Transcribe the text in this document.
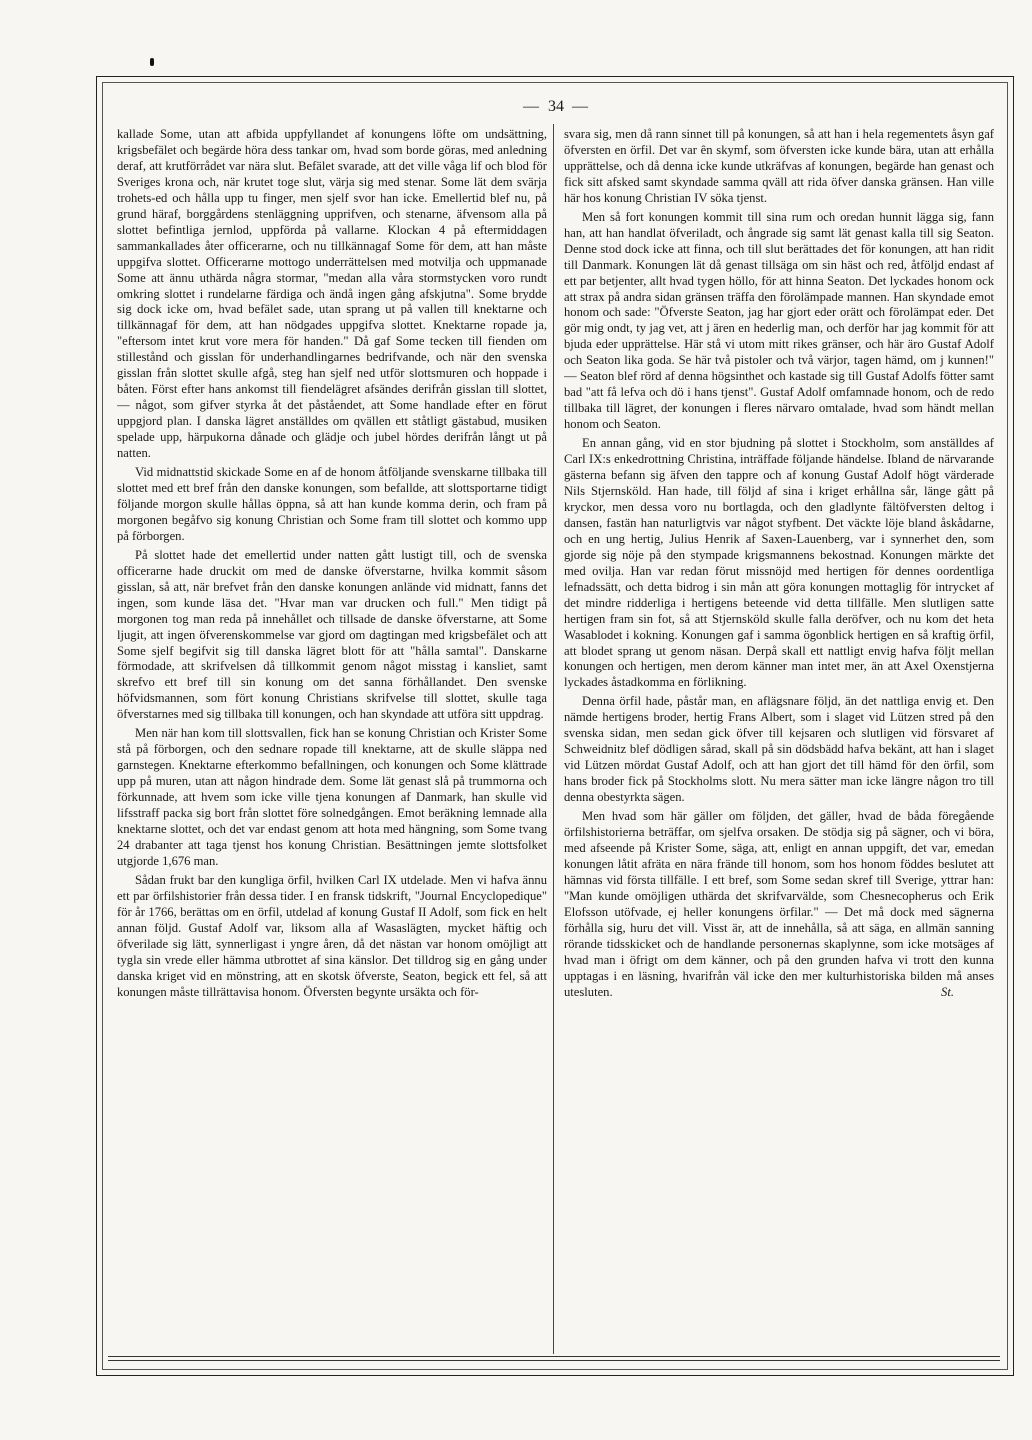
— 34 —

kallade Some, utan att afbida uppfyllandet af konungens löfte om undsättning, krigsbefälet och begärde höra dess tankar om, hvad som borde göras, med anledning deraf, att krutförrådet var nära slut. Befälet svarade, att det ville våga lif och blod för Sveriges krona och, när krutet toge slut, värja sig med stenar. Some lät dem svärja trohets-ed och hålla upp tu finger, men sjelf svor han icke. Emellertid blef nu, på grund häraf, borggårdens stenläggning upprifven, och stenarne, äfvensom alla på slottet befintliga jernlod, uppförda på vallarne. Klockan 4 på eftermiddagen sammankallades åter officerarne, och nu tillkännagaf Some för dem, att han måste uppgifva slottet. Officerarne mottogo underrättelsen med motvilja och uppmanade Some att ännu uthärda några stormar, "medan alla våra stormstycken voro rundt omkring slottet i rundelarne färdiga och ändå ingen gång afskjutna". Some brydde sig dock icke om, hvad befälet sade, utan sprang ut på vallen till knektarne och tillkännagaf för dem, att han nödgades uppgifva slottet. Knektarne ropade ja, "eftersom intet krut vore mera för handen." Då gaf Some tecken till fienden om stillestånd och gisslan för underhandlingarnes bedrifvande, och när den svenska gisslan från slottet skulle afgå, steg han sjelf ned utför slottsmuren och hoppade i båten. Först efter hans ankomst till fiendelägret afsändes derifrån gisslan till slottet, — något, som gifver styrka åt det påståendet, att Some handlade efter en förut uppgjord plan. I danska lägret anställdes om qvällen ett ståtligt gästabud, musiken spelade upp, härpukorna dånade och glädje och jubel hördes derifrån långt ut på natten.

Vid midnattstid skickade Some en af de honom åtföljande svenskarne tillbaka till slottet med ett bref från den danske konungen, som befallde, att slottsportarne tidigt följande morgon skulle hållas öppna, så att han kunde komma derin, och fram på morgonen begåfvo sig konung Christian och Some fram till slottet och kommo upp på förborgen.

På slottet hade det emellertid under natten gått lustigt till, och de svenska officerarne hade druckit om med de danske öfverstarne, hvilka kommit såsom gisslan, så att, när brefvet från den danske konungen anlände vid midnatt, fanns det ingen, som kunde läsa det. "Hvar man var drucken och full." Men tidigt på morgonen tog man reda på innehållet och tillsade de danske öfverstarne, att Some ljugit, att ingen öfverenskommelse var gjord om dagtingan med krigsbefälet och att Some sjelf begifvit sig till danska lägret blott för att "hålla samtal". Danskarne förmodade, att skrifvelsen då tillkommit genom något misstag i kansliet, samt skrefvo ett bref till sin konung om det sanna förhållandet. Den svenske höfvidsmannen, som fört konung Christians skrifvelse till slottet, skulle taga öfverstarnes med sig tillbaka till konungen, och han skyndade att utföra sitt uppdrag.

Men när han kom till slottsvallen, fick han se konung Christian och Krister Some stå på förborgen, och den sednare ropade till knektarne, att de skulle släppa ned garnstegen. Knektarne efterkommo befallningen, och konungen och Some klättrade upp på muren, utan att någon hindrade dem. Some lät genast slå på trummorna och förkunnade, att hvem som icke ville tjena konungen af Danmark, han skulle vid lifsstraff packa sig bort från slottet före solnedgången. Emot beräkning lemnade alla knektarne slottet, och det var endast genom att hota med hängning, som Some tvang 24 drabanter att taga tjenst hos konung Christian. Besättningen jemte slottsfolket utgjorde 1,676 man.

Sådan frukt bar den kungliga örfil, hvilken Carl IX utdelade. Men vi hafva ännu ett par örfilshistorier från dessa tider. I en fransk tidskrift, "Journal Encyclopedique" för år 1766, berättas om en örfil, utdelad af konung Gustaf II Adolf, som fick en helt annan följd. Gustaf Adolf var, liksom alla af Wasaslägten, mycket häftig och öfverilade sig lätt, synnerligast i yngre åren, då det nästan var honom omöjligt att tygla sin vrede eller hämma utbrottet af sina känslor. Det tilldrog sig en gång under danska kriget vid en mönstring, att en skotsk öfverste, Seaton, begick ett fel, så att konungen måste tillrättavisa honom. Öfversten begynte ursäkta och för-

svara sig, men då rann sinnet till på konungen, så att han i hela regementets åsyn gaf öfversten en örfil. Det var ên skymf, som öfversten icke kunde bära, utan att erhålla upprättelse, och då denna icke kunde utkräfvas af konungen, begärde han genast och fick sitt afsked samt skyndade samma qväll att rida öfver danska gränsen. Han ville här hos konung Christian IV söka tjenst.

Men så fort konungen kommit till sina rum och oredan hunnit lägga sig, fann han, att han handlat öfveriladt, och ångrade sig samt lät genast kalla till sig Seaton. Denne stod dock icke att finna, och till slut berättades det för konungen, att han ridit till Danmark. Konungen lät då genast tillsäga om sin häst och red, åtföljd endast af ett par betjenter, allt hvad tygen höllo, för att hinna Seaton. Det lyckades honom ock att strax på andra sidan gränsen träffa den förolämpade mannen. Han skyndade emot honom och sade: "Öfverste Seaton, jag har gjort eder orätt och förolämpat eder. Det gör mig ondt, ty jag vet, att j ären en hederlig man, och derför har jag kommit för att bjuda eder upprättelse. Här stå vi utom mitt rikes gränser, och här äro Gustaf Adolf och Seaton lika goda. Se här två pistoler och två värjor, tagen hämd, om j kunnen!" — Seaton blef rörd af denna högsinthet och kastade sig till Gustaf Adolfs fötter samt bad "att få lefva och dö i hans tjenst". Gustaf Adolf omfamnade honom, och de redo tillbaka till lägret, der konungen i fleres närvaro omtalade, hvad som händt mellan honom och Seaton.

En annan gång, vid en stor bjudning på slottet i Stockholm, som anställdes af Carl IX:s enkedrottning Christina, inträffade följande händelse. Ibland de närvarande gästerna befann sig äfven den tappre och af konung Gustaf Adolf högt värderade Nils Stjernsköld. Han hade, till följd af sina i kriget erhållna sår, länge gått på kryckor, men dessa voro nu bortlagda, och den gladlynte fältöfversten deltog i dansen, fastän han naturligtvis var något styfbent. Det väckte löje bland åskådarne, och en ung hertig, Julius Henrik af Saxen-Lauenberg, var i synnerhet den, som gjorde sig nöje på den stympade krigsmannens bekostnad. Konungen märkte det med ovilja. Han var redan förut missnöjd med hertigen för dennes oordentliga lefnadssätt, och detta bidrog i sin mån att göra konungen mottaglig för intrycket af det mindre ridderliga i hertigens beteende vid detta tillfälle. Men slutligen satte hertigen fram sin fot, så att Stjernsköld skulle falla deröfver, och nu kom det heta Wasablodet i kokning. Konungen gaf i samma ögonblick hertigen en så kraftig örfil, att blodet sprang ut genom näsan. Derpå skall ett nattligt envig hafva följt mellan konungen och hertigen, men derom känner man intet mer, än att Axel Oxenstjerna lyckades åstadkomma en förlikning.

Denna örfil hade, påstår man, en aflägsnare följd, än det nattliga envig et. Den nämde hertigens broder, hertig Frans Albert, som i slaget vid Lützen stred på den svenska sidan, men sedan gick öfver till kejsaren och slutligen vid försvaret af Schweidnitz blef dödligen sårad, skall på sin dödsbädd hafva bekänt, att han i slaget vid Lützen mördat Gustaf Adolf, och att han gjort det till hämd för den örfil, som hans broder fick på Stockholms slott. Nu mera sätter man icke längre någon tro till denna obestyrkta sägen.

Men hvad som här gäller om följden, det gäller, hvad de båda föregående örfilshistorierna beträffar, om sjelfva orsaken. De stödja sig på sägner, och vi böra, med afseende på Krister Some, säga, att, enligt en annan uppgift, det var, emedan konungen låtit afräta en nära frände till honom, som hos honom föddes beslutet att hämnas vid första tillfälle. I ett bref, som Some sedan skref till Sverige, yttrar han: "Man kunde omöjligen uthärda det skrifvarvälde, som Chesnecopherus och Erik Elofsson utöfvade, ej heller konungens örfilar." — Det må dock med sägnerna förhålla sig, huru det vill. Visst är, att de innehålla, så att säga, en allmän sanning rörande tidsskicket och de handlande personernas skaplynne, som icke motsäges af hvad man i öfrigt om dem känner, och på den grunden hafva vi trott den kunna upptagas i en läsning, hvarifrån väl icke den mer kulturhistoriska bilden må anses utesluten.	St.
